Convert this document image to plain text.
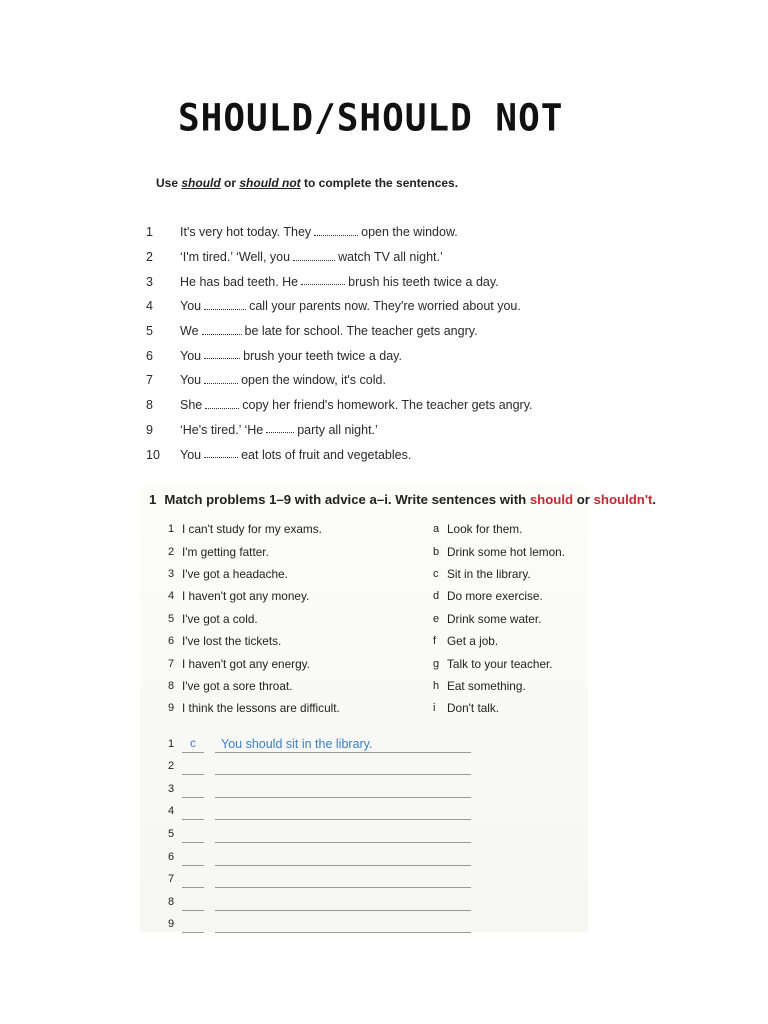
SHOULD/SHOULD NOT
Use should or should not to complete the sentences.
1	It's very hot today. They	open the window.
2	‘I'm tired.’ ‘Well, you	watch TV all night.’
3	He has bad teeth. He	brush his teeth twice a day.
4	You	call your parents now. They're worried about you.
5	We	be late for school. The teacher gets angry.
6	You	brush your teeth twice a day.
7	You	open the window, it's cold.
8	She	copy her friend's homework. The teacher gets angry.
9	‘He's tired.’ ‘He	party all night.’
10	You	eat lots of fruit and vegetables.
1 Match problems 1–9 with advice a–i. Write sentences with should or shouldn't.
1 I can't study for my exams.
2 I'm getting fatter.
3 I've got a headache.
4 I haven't got any money.
5 I've got a cold.
6 I've lost the tickets.
7 I haven't got any energy.
8 I've got a sore throat.
9 I think the lessons are difficult.
a Look for them.
b Drink some hot lemon.
c Sit in the library.
d Do more exercise.
e Drink some water.
f Get a job.
g Talk to your teacher.
h Eat something.
i Don't talk.
1	c	You should sit in the library.
2
3
4
5
6
7
8
9
